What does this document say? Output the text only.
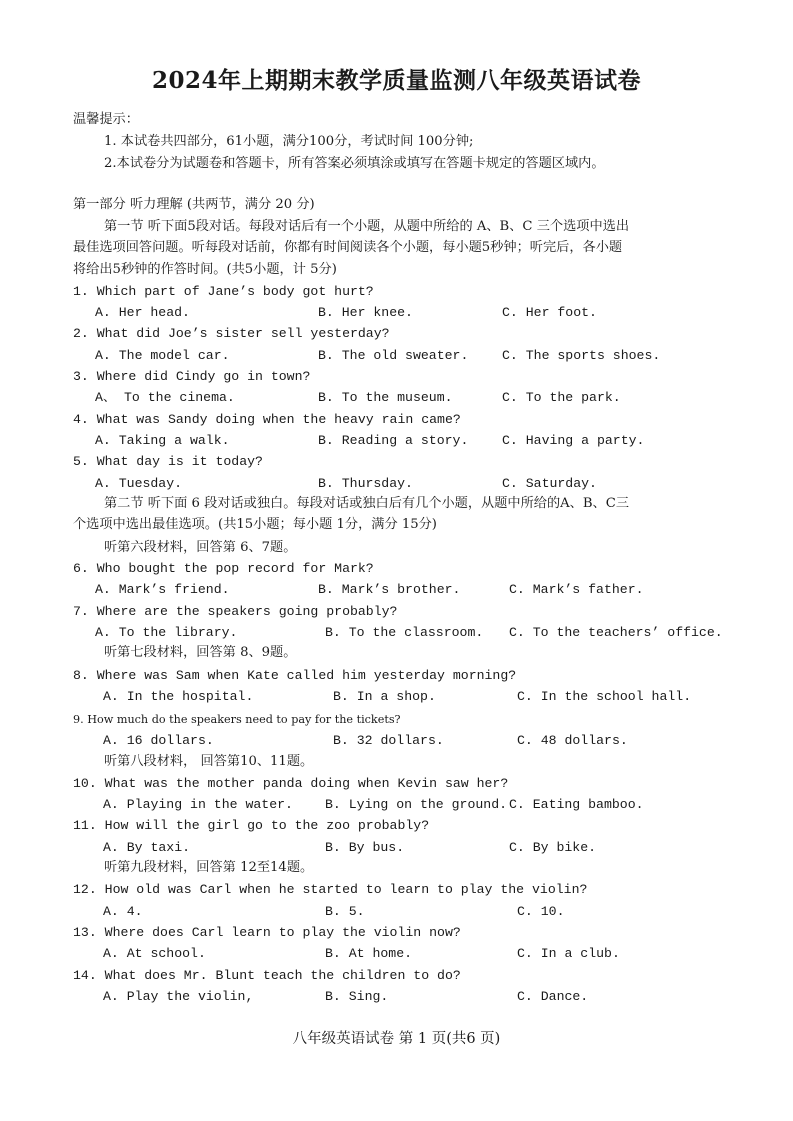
2024年上期期末教学质量监测八年级英语试卷
温馨提示：
1. 本试卷共四部分，61小题，满分100分，考试时间 100分钟;
2.本试卷分为试题卷和答题卡，所有答案必须填涂或填写在答题卡规定的答题区域内。
第一部分 听力理解 (共两节，满分 20 分)
第一节 听下面5段对话。每段对话后有一个小题，从题中所给的 A、B、C 三个选项中选出
最佳选项回答问题。听每段对话前，你都有时间阅读各个小题，每小题5秒钟；听完后，各小题
将给出5秒钟的作答时间。(共5小题，计 5分)
1. Which part of Jane’s body got hurt?
A. Her head.	B. Her knee.	C. Her foot.
2. What did Joe’s sister sell yesterday?
A. The model car.	B. The old sweater.	C. The sports shoes.
3. Where did Cindy go in town?
A、 To the cinema.	B. To the museum.	C. To the park.
4. What was Sandy doing when the heavy rain came?
A. Taking a walk.	B. Reading a story.	C. Having a party.
5. What day is it today?
A. Tuesday.	B. Thursday.	C. Saturday.
第二节 听下面 6 段对话或独白。每段对话或独白后有几个小题，从题中所给的A、B、C三
个选项中选出最佳选项。(共15小题；每小题 1分，满分 15分)
听第六段材料，回答第 6、7题。
6. Who bought the pop record for Mark?
A. Mark’s friend.	B. Mark’s brother.	C. Mark’s father.
7. Where are the speakers going probably?
A. To the library.	B. To the classroom. C. To the teachers’ office.
听第七段材料，回答第 8、9题。
8. Where was Sam when Kate called him yesterday morning?
A. In the hospital.	B. In a shop.	C. In the school hall.
9. How much do the speakers need to pay for the tickets?
A. 16 dollars.	B. 32 dollars.	C. 48 dollars.
听第八段材料， 回答第10、11题。
10. What was the mother panda doing when Kevin saw her?
A. Playing in the water. B. Lying on the ground. C. Eating bamboo.
11. How will the girl go to the zoo probably?
A. By taxi.	B. By bus.	C. By bike.
听第九段材料，回答第 12至14题。
12. How old was Carl when he started to learn to play the violin?
A. 4.	B. 5.	C. 10.
13. Where does Carl learn to play the violin now?
A. At school.	B. At home.	C. In a club.
14. What does Mr. Blunt teach the children to do?
A. Play the violin,	B. Sing.	C. Dance.
八年级英语试卷 第 1 页(共6 页)
